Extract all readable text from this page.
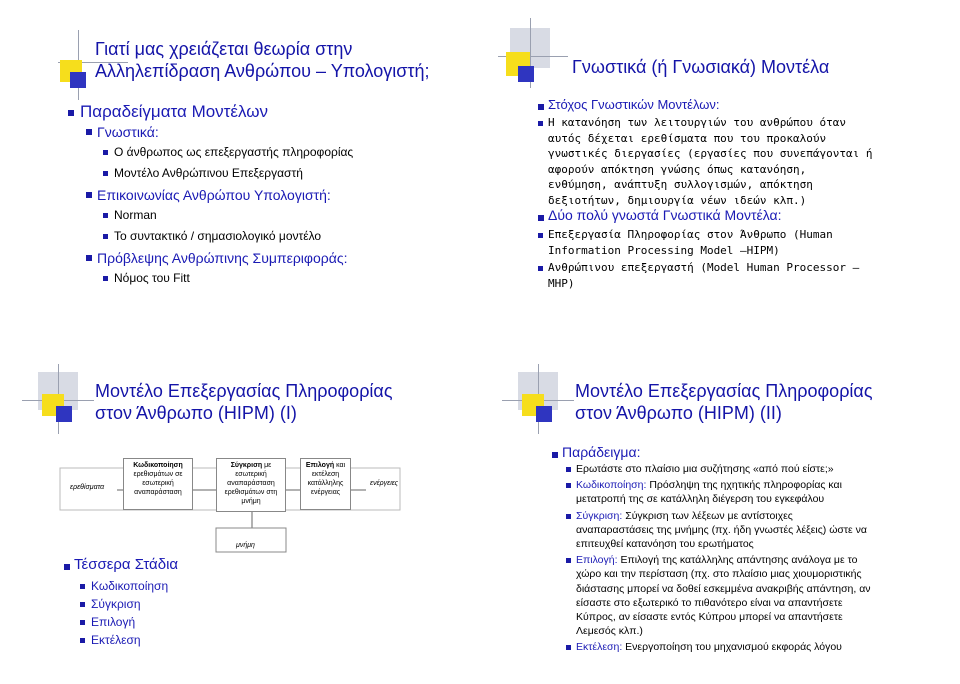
Γιατί μας χρειάζεται θεωρία στην
Αλληλεπίδραση Ανθρώπου – Υπολογιστή;
Παραδείγματα Μοντέλων
Γνωστικά:
Ο άνθρωπος ως επεξεργαστής πληροφορίας
Μοντέλο Ανθρώπινου Επεξεργαστή
Επικοινωνίας Ανθρώπου Υπολογιστή:
Norman
Το συντακτικό / σημασιολογικό μοντέλο
Πρόβλεψης Ανθρώπινης Συμπεριφοράς:
Νόμος του Fitt
Γνωστικά (ή Γνωσιακά) Μοντέλα
Στόχος Γνωστικών Μοντέλων:
Η κατανόηση των λειτουργιών του ανθρώπου όταν
αυτός δέχεται ερεθίσματα που του προκαλούν
γνωστικές διεργασίες (εργασίες που συνεπάγονται ή
αφορούν απόκτηση γνώσης όπως κατανόηση,
ενθύμηση, ανάπτυξη συλλογισμών, απόκτηση
δεξιοτήτων, δημιουργία νέων ιδεών κλπ.)
Δύο πολύ γνωστά Γνωστικά Μοντέλα:
Επεξεργασία Πληροφορίας στον Άνθρωπο (Human
Information Processing Model –HIPM)
Ανθρώπινου επεξεργαστή (Model Human Processor –
MHP)
Μοντέλο Επεξεργασίας Πληροφορίας
στον Άνθρωπο (HIPM) (I)
ερεθίσματα
Κωδικοποίηση
ερεθισμάτων σε εσωτερική αναπαράσταση
Σύγκριση με εσωτερική αναπαράσταση ερεθισμάτων στη μνήμη
Επιλογή και εκτέλεση κατάλληλης ενέργειας
ενέργειες
μνήμη
Τέσσερα Στάδια
Κωδικοποίηση
Σύγκριση
Επιλογή
Εκτέλεση
Μοντέλο Επεξεργασίας Πληροφορίας
στον Άνθρωπο (HIPM) (II)
Παράδειγμα:
Ερωτάστε στο πλαίσιο μια συζήτησης «από πού είστε;»
Κωδικοποίηση: Πρόσληψη της ηχητικής πληροφορίας και
μετατροπή της σε κατάλληλη διέγερση του εγκεφάλου
Σύγκριση: Σύγκριση των λέξεων με αντίστοιχες
αναπαραστάσεις της μνήμης (πχ. ήδη γνωστές λέξεις) ώστε να
επιτευχθεί κατανόηση του ερωτήματος
Επιλογή: Επιλογή της κατάλληλης απάντησης ανάλογα με το
χώρο και την περίσταση (πχ. στο πλαίσιο μιας χιουμοριστικής
διάστασης μπορεί να δοθεί εσκεμμένα ανακριβής απάντηση, αν
είσαστε στο εξωτερικό το πιθανότερο είναι να απαντήσετε
Κύπρος, αν είσαστε εντός Κύπρου μπορεί να απαντήσετε
Λεμεσός κλπ.)
Εκτέλεση: Ενεργοποίηση του μηχανισμού εκφοράς λόγου
